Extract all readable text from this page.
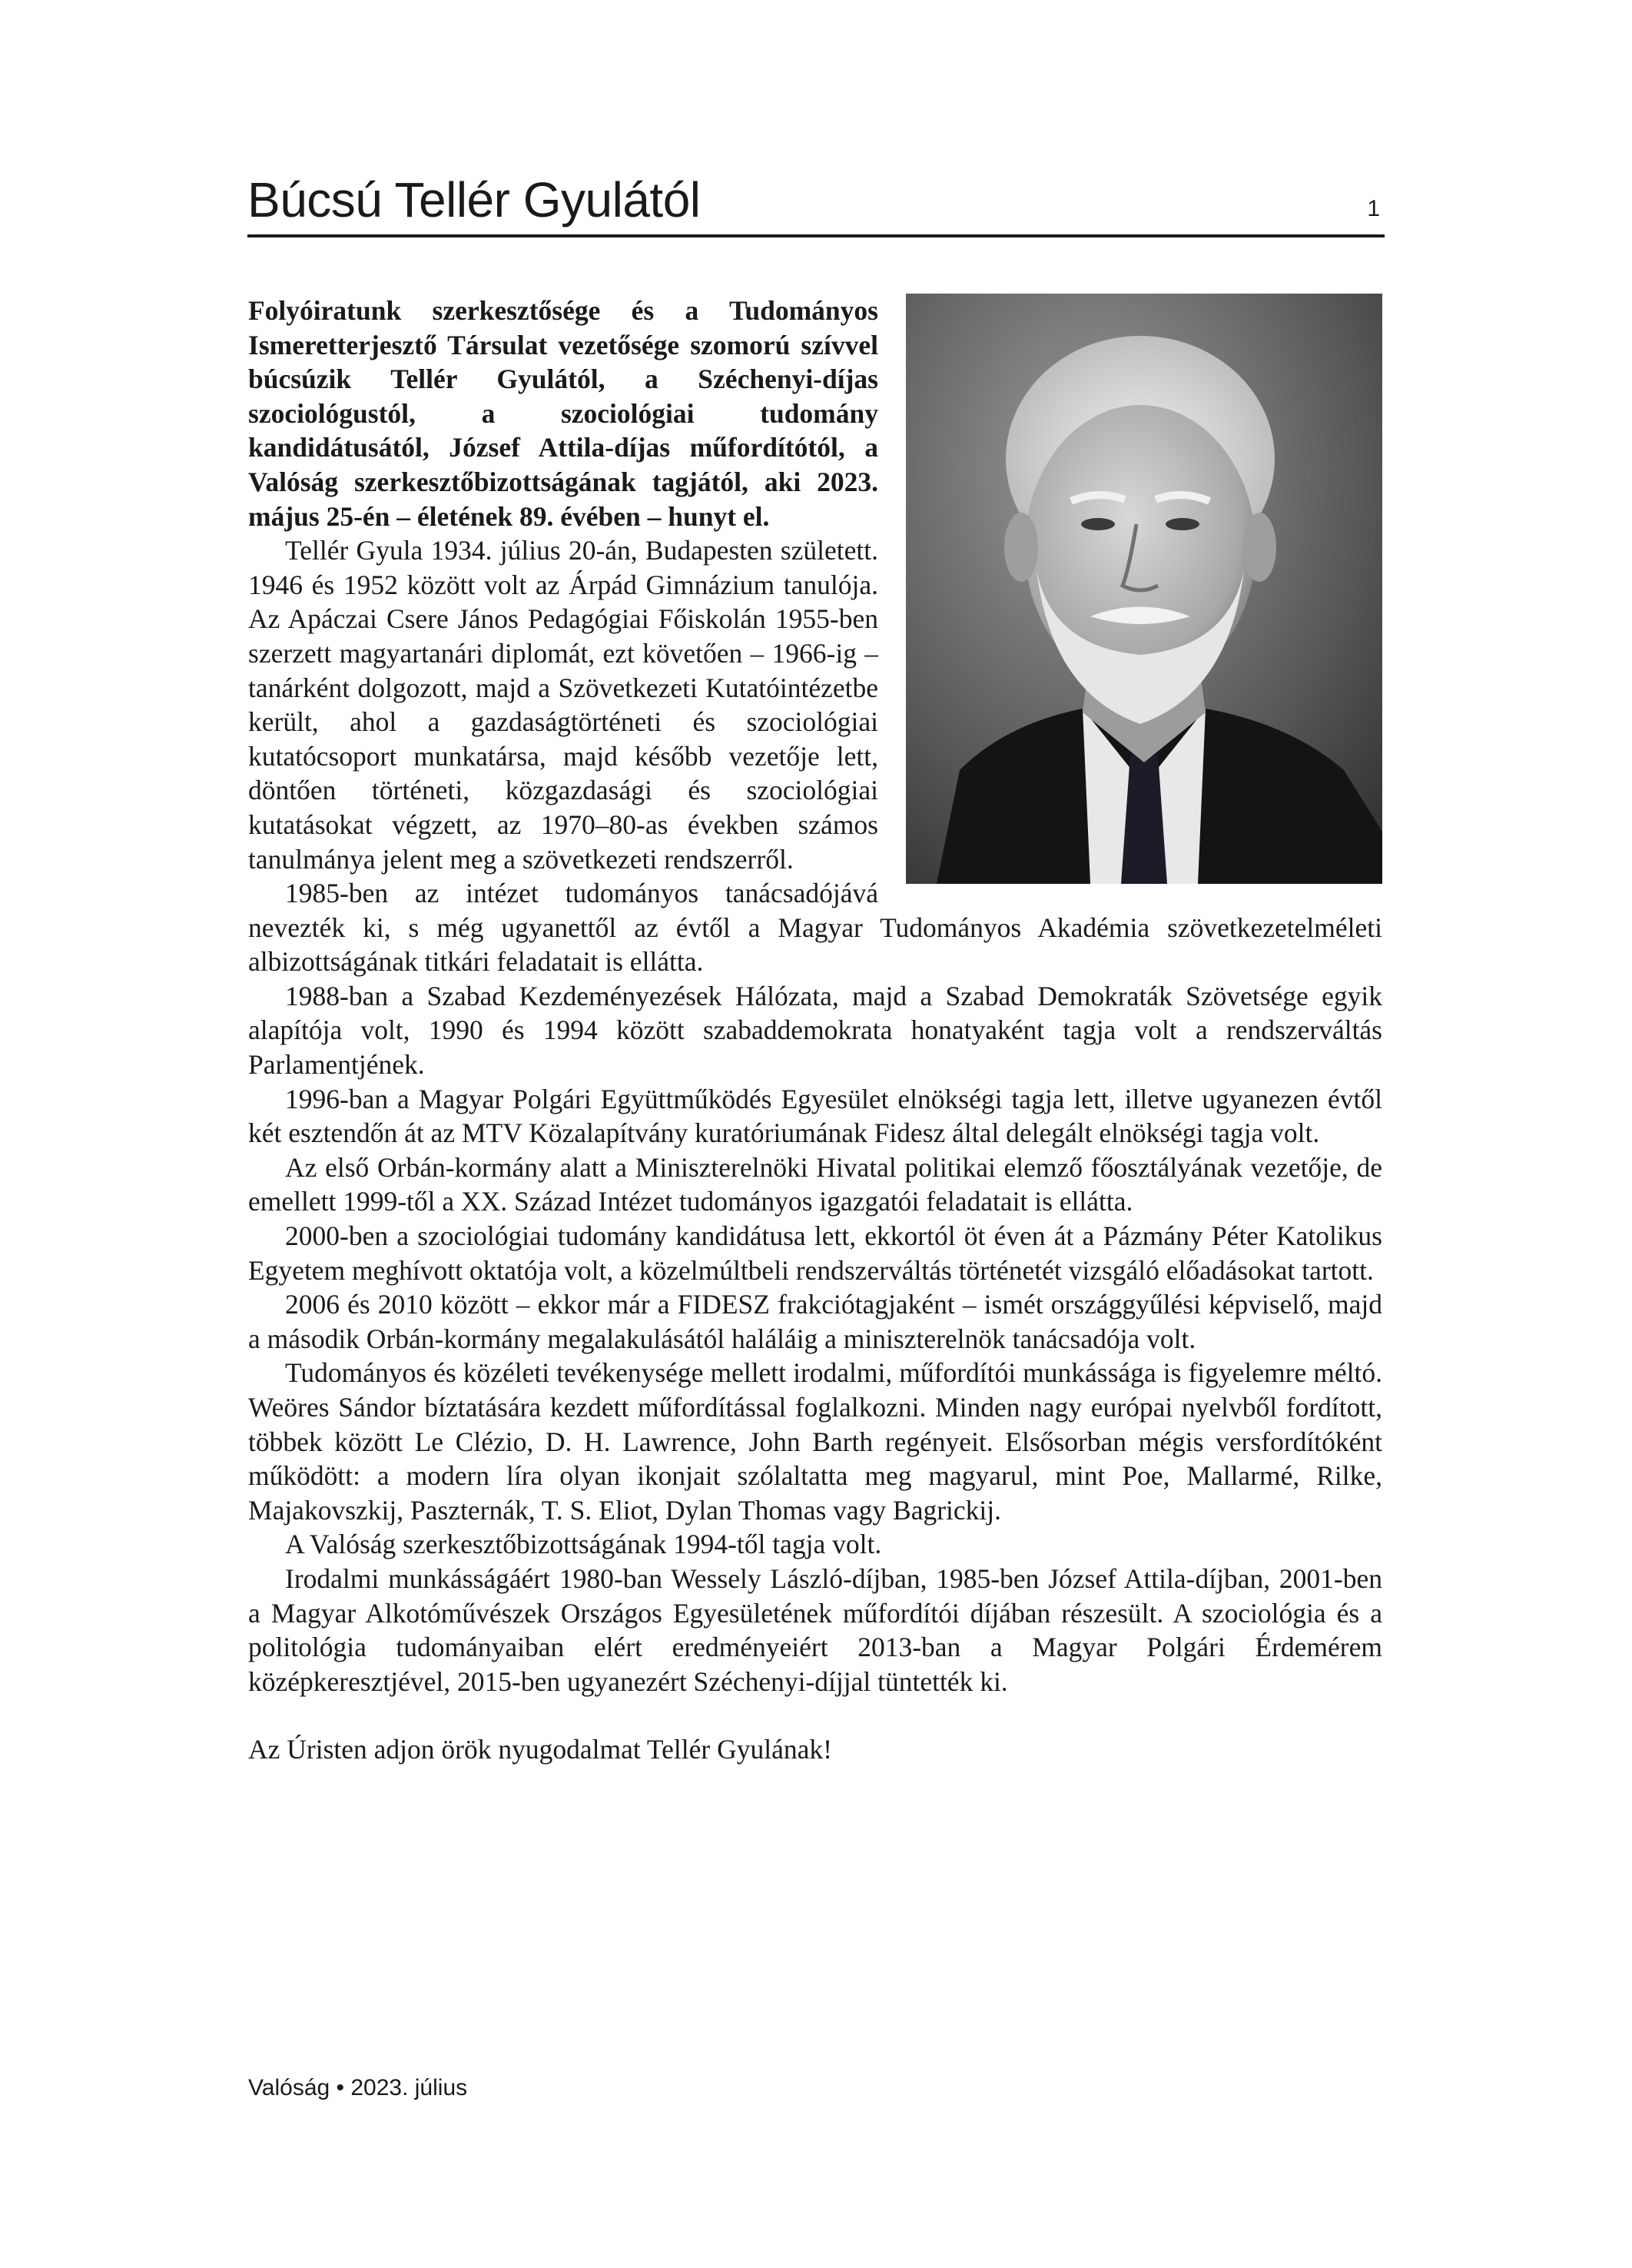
Búcsú Tellér Gyulától	1

Folyóiratunk szerkesztősége és a Tudományos Ismeretterjesztő Társulat vezetősége szomorú szívvel búcsúzik Tellér Gyulától, a Széchenyi-díjas szociológustól, a szociológiai tudomány kandidátusától, József Attila-díjas műfordítótól, a Valóság szerkesztőbizottságának tagjától, aki 2023. május 25-én – életének 89. évében – hunyt el.

Tellér Gyula 1934. július 20-án, Budapesten született. 1946 és 1952 között volt az Árpád Gimnázium tanulója. Az Apáczai Csere János Pedagógiai Főiskolán 1955-ben szerzett magyartanári diplomát, ezt követően – 1966-ig – tanárként dolgozott, majd a Szövetkezeti Kutatóintézetbe került, ahol a gazdaságtörténeti és szociológiai kutatócsoport munkatársa, majd később vezetője lett, döntően történeti, közgazdasági és szociológiai kutatásokat végzett, az 1970–80-as években számos tanulmánya jelent meg a szövetkezeti rendszerről.

1985-ben az intézet tudományos tanácsadójává nevezték ki, s még ugyanettől az évtől a Magyar Tudományos Akadémia szövetkezetelméleti albizottságának titkári feladatait is ellátta.

1988-ban a Szabad Kezdeményezések Hálózata, majd a Szabad Demokraták Szövetsége egyik alapítója volt, 1990 és 1994 között szabaddemokrata honatyaként tagja volt a rendszerváltás Parlamentjének.

1996-ban a Magyar Polgári Együttműködés Egyesület elnökségi tagja lett, illetve ugyanezen évtől két esztendőn át az MTV Közalapítvány kuratóriumának Fidesz által delegált elnökségi tagja volt.

Az első Orbán-kormány alatt a Miniszterelnöki Hivatal politikai elemző főosztályának vezetője, de emellett 1999-től a XX. Század Intézet tudományos igazgatói feladatait is ellátta.

2000-ben a szociológiai tudomány kandidátusa lett, ekkortól öt éven át a Pázmány Péter Katolikus Egyetem meghívott oktatója volt, a közelmúltbeli rendszerváltás történetét vizsgáló előadásokat tartott.

2006 és 2010 között – ekkor már a FIDESZ frakciótagjaként – ismét országgyűlési képviselő, majd a második Orbán-kormány megalakulásától haláláig a miniszterelnök tanácsadója volt.

Tudományos és közéleti tevékenysége mellett irodalmi, műfordítói munkássága is figyelemre méltó. Weöres Sándor bíztatására kezdett műfordítással foglalkozni. Minden nagy európai nyelvből fordított, többek között Le Clézio, D. H. Lawrence, John Barth regényeit. Elsősorban mégis versfordítóként működött: a modern líra olyan ikonjait szólaltatta meg magyarul, mint Poe, Mallarmé, Rilke, Majakovszkij, Paszternák, T. S. Eliot, Dylan Thomas vagy Bagrickij.

A Valóság szerkesztőbizottságának 1994-től tagja volt.

Irodalmi munkásságáért 1980-ban Wessely László-díjban, 1985-ben József Attila-díjban, 2001-ben a Magyar Alkotóművészek Országos Egyesületének műfordítói díjában részesült. A szociológia és a politológia tudományaiban elért eredményeiért 2013-ban a Magyar Polgári Érdemérem középkeresztjével, 2015-ben ugyanezért Széchenyi-díjjal tüntették ki.

Az Úristen adjon örök nyugodalmat Tellér Gyulának!

Valóság • 2023. július
